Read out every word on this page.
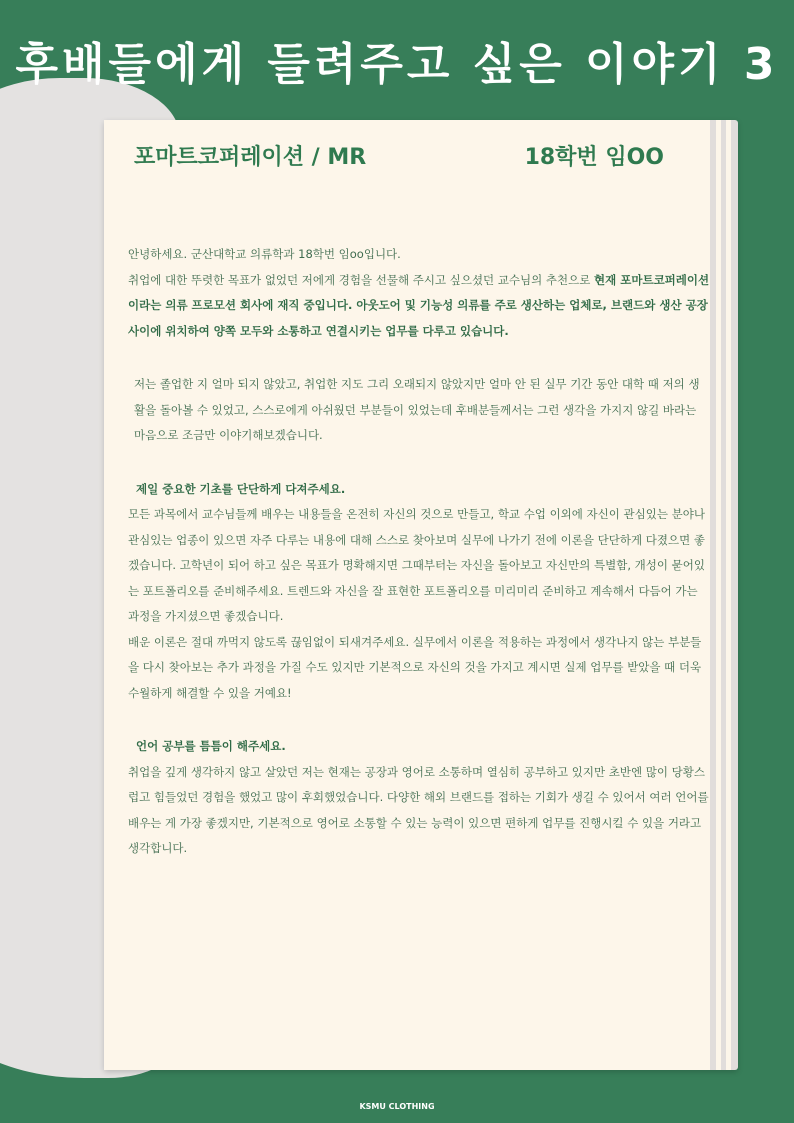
후배들에게 들려주고 싶은 이야기 3
포마트코퍼레이션 / MR	18학번 임OO

안녕하세요. 군산대학교 의류학과 18학번 임oo입니다.

취업에 대한 뚜렷한 목표가 없었던 저에게 경험을 선물해 주시고 싶으셨던 교수님의 추천으로 현재 포마트코퍼레이션이라는 의류 프로모션 회사에 재직 중입니다. 아웃도어 및 기능성 의류를 주로 생산하는 업체로, 브랜드와 생산 공장 사이에 위치하여 양쪽 모두와 소통하고 연결시키는 업무를 다루고 있습니다.

저는 졸업한 지 얼마 되지 않았고, 취업한 지도 그리 오래되지 않았지만 얼마 안 된 실무 기간 동안 대학 때 저의 생활을 돌아볼 수 있었고, 스스로에게 아쉬웠던 부분들이 있었는데 후배분들께서는 그런 생각을 가지지 않길 바라는 마음으로 조금만 이야기해보겠습니다.

제일 중요한 기초를 단단하게 다져주세요.

모든 과목에서 교수님들께 배우는 내용들을 온전히 자신의 것으로 만들고, 학교 수업 이외에 자신이 관심있는 분야나 관심있는 업종이 있으면 자주 다루는 내용에 대해 스스로 찾아보며 실무에 나가기 전에 이론을 단단하게 다졌으면 좋겠습니다. 고학년이 되어 하고 싶은 목표가 명확해지면 그때부터는 자신을 돌아보고 자신만의 특별함, 개성이 묻어있는 포트폴리오를 준비해주세요. 트렌드와 자신을 잘 표현한 포트폴리오를 미리미리 준비하고 계속해서 다듬어 가는 과정을 가지셨으면 좋겠습니다.

배운 이론은 절대 까먹지 않도록 끊임없이 되새겨주세요. 실무에서 이론을 적용하는 과정에서 생각나지 않는 부분들을 다시 찾아보는 추가 과정을 가질 수도 있지만 기본적으로 자신의 것을 가지고 계시면 실제 업무를 받았을 때 더욱 수월하게 해결할 수 있을 거예요!

언어 공부를 틈틈이 해주세요.

취업을 깊게 생각하지 않고 살았던 저는 현재는 공장과 영어로 소통하며 열심히 공부하고 있지만 초반엔 많이 당황스럽고 힘들었던 경험을 했었고 많이 후회했었습니다. 다양한 해외 브랜드를 접하는 기회가 생길 수 있어서 여러 언어를 배우는 게 가장 좋겠지만, 기본적으로 영어로 소통할 수 있는 능력이 있으면 편하게 업무를 진행시킬 수 있을 거라고 생각합니다.

KSMU CLOTHING
